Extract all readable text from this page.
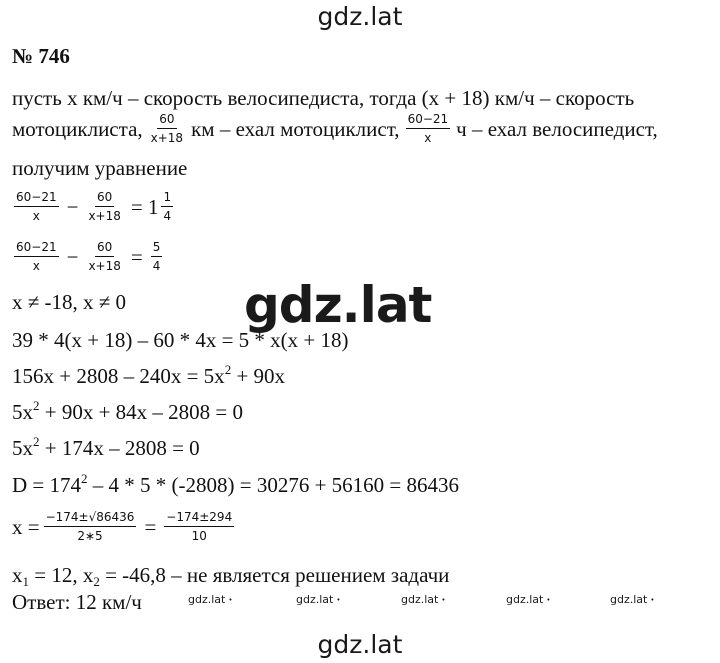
gdz.lat
№ 746
пусть х км/ч – скорость велосипедиста, тогда (х + 18) км/ч – скорость
мотоциклиста, $\frac{60}{x+18}$ км – ехал мотоциклист, $\frac{60-21}{x}$ ч – ехал велосипедист,
получим уравнение
$\frac{60-21}{x} - \frac{60}{x+18} = 1 \frac{1}{4}$
$\frac{60-21}{x} - \frac{60}{x+18} = \frac{5}{4}$
х ≠ -18, х ≠ 0
39 * 4(х + 18) – 60 * 4х = 5 * х(х + 18)
$156х + 2808 - 240х = 5х^2 + 90х$
$5х^2 + 90х + 84х - 2808 = 0$
$5х^2 + 174х - 2808 = 0$
$D = 174^2 - 4 * 5 * (-2808) = 30276 + 56160 = 86436$
$х = \frac{-174\pm√86436}{2∗5} = \frac{-174\pm 294}{10}$
$х_1 = 12$, $х_2 = -46,8$ – не является решением задачи
Ответ: 12 км/ч	gdz.lat •	gdz.lat •	gdz.lat •	gdz.lat •	gdz.lat •
gdz.lat
gdz.lat
